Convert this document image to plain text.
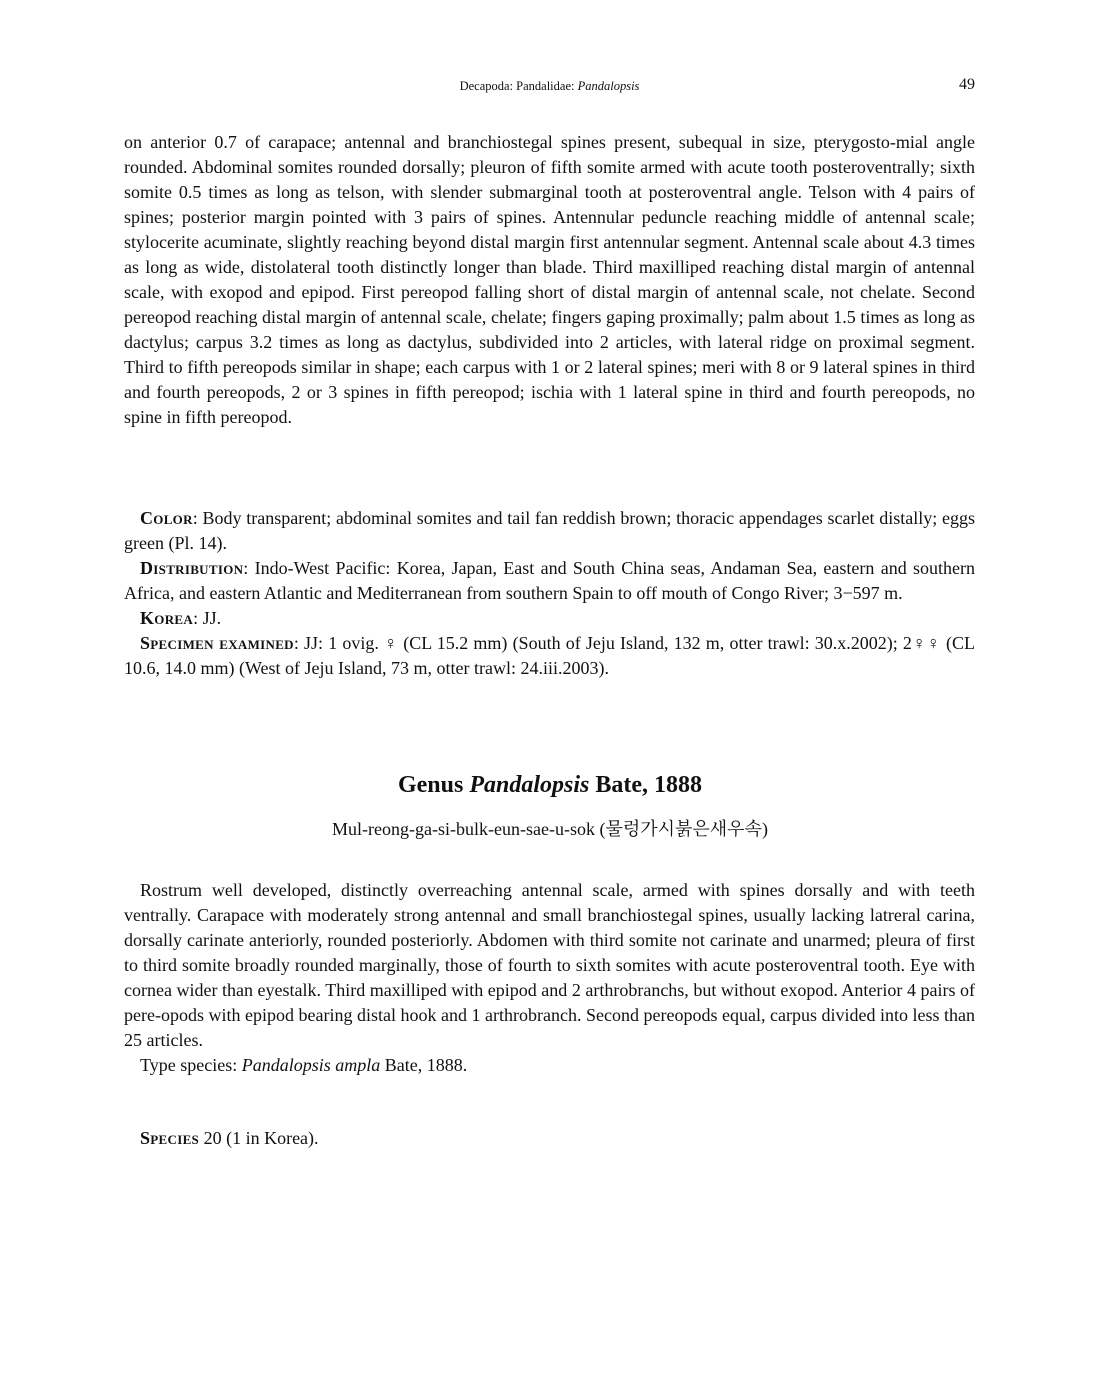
Decapoda: Pandalidae: Pandalopsis	49
on anterior 0.7 of carapace; antennal and branchiostegal spines present, subequal in size, pterygosto-mial angle rounded. Abdominal somites rounded dorsally; pleuron of fifth somite armed with acute tooth posteroventrally; sixth somite 0.5 times as long as telson, with slender submarginal tooth at posteroventral angle. Telson with 4 pairs of spines; posterior margin pointed with 3 pairs of spines. Antennular peduncle reaching middle of antennal scale; stylocerite acuminate, slightly reaching beyond distal margin first antennular segment. Antennal scale about 4.3 times as long as wide, distolateral tooth distinctly longer than blade. Third maxilliped reaching distal margin of antennal scale, with exopod and epipod. First pereopod falling short of distal margin of antennal scale, not chelate. Second pereopod reaching distal margin of antennal scale, chelate; fingers gaping proximally; palm about 1.5 times as long as dactylus; carpus 3.2 times as long as dactylus, subdivided into 2 articles, with lateral ridge on proximal segment. Third to fifth pereopods similar in shape; each carpus with 1 or 2 lateral spines; meri with 8 or 9 lateral spines in third and fourth pereopods, 2 or 3 spines in fifth pereopod; ischia with 1 lateral spine in third and fourth pereopods, no spine in fifth pereopod.

Color: Body transparent; abdominal somites and tail fan reddish brown; thoracic appendages scarlet distally; eggs green (Pl. 14).

Distribution: Indo-West Pacific: Korea, Japan, East and South China seas, Andaman Sea, eastern and southern Africa, and eastern Atlantic and Mediterranean from southern Spain to off mouth of Congo River; 3−597 m.

Korea: JJ.

Specimen examined: JJ: 1 ovig. ♀ (CL 15.2 mm) (South of Jeju Island, 132 m, otter trawl: 30.x.2002); 2♀♀ (CL 10.6, 14.0 mm) (West of Jeju Island, 73 m, otter trawl: 24.iii.2003).

Genus Pandalopsis Bate, 1888
Mul-reong-ga-si-bulk-eun-sae-u-sok (물렁가시붉은새우속)

Rostrum well developed, distinctly overreaching antennal scale, armed with spines dorsally and with teeth ventrally. Carapace with moderately strong antennal and small branchiostegal spines, usually lacking latreral carina, dorsally carinate anteriorly, rounded posteriorly. Abdomen with third somite not carinate and unarmed; pleura of first to third somite broadly rounded marginally, those of fourth to sixth somites with acute posteroventral tooth. Eye with cornea wider than eyestalk. Third maxilliped with epipod and 2 arthrobranchs, but without exopod. Anterior 4 pairs of pere-opods with epipod bearing distal hook and 1 arthrobranch. Second pereopods equal, carpus divided into less than 25 articles.

Type species: Pandalopsis ampla Bate, 1888.

Species 20 (1 in Korea).
